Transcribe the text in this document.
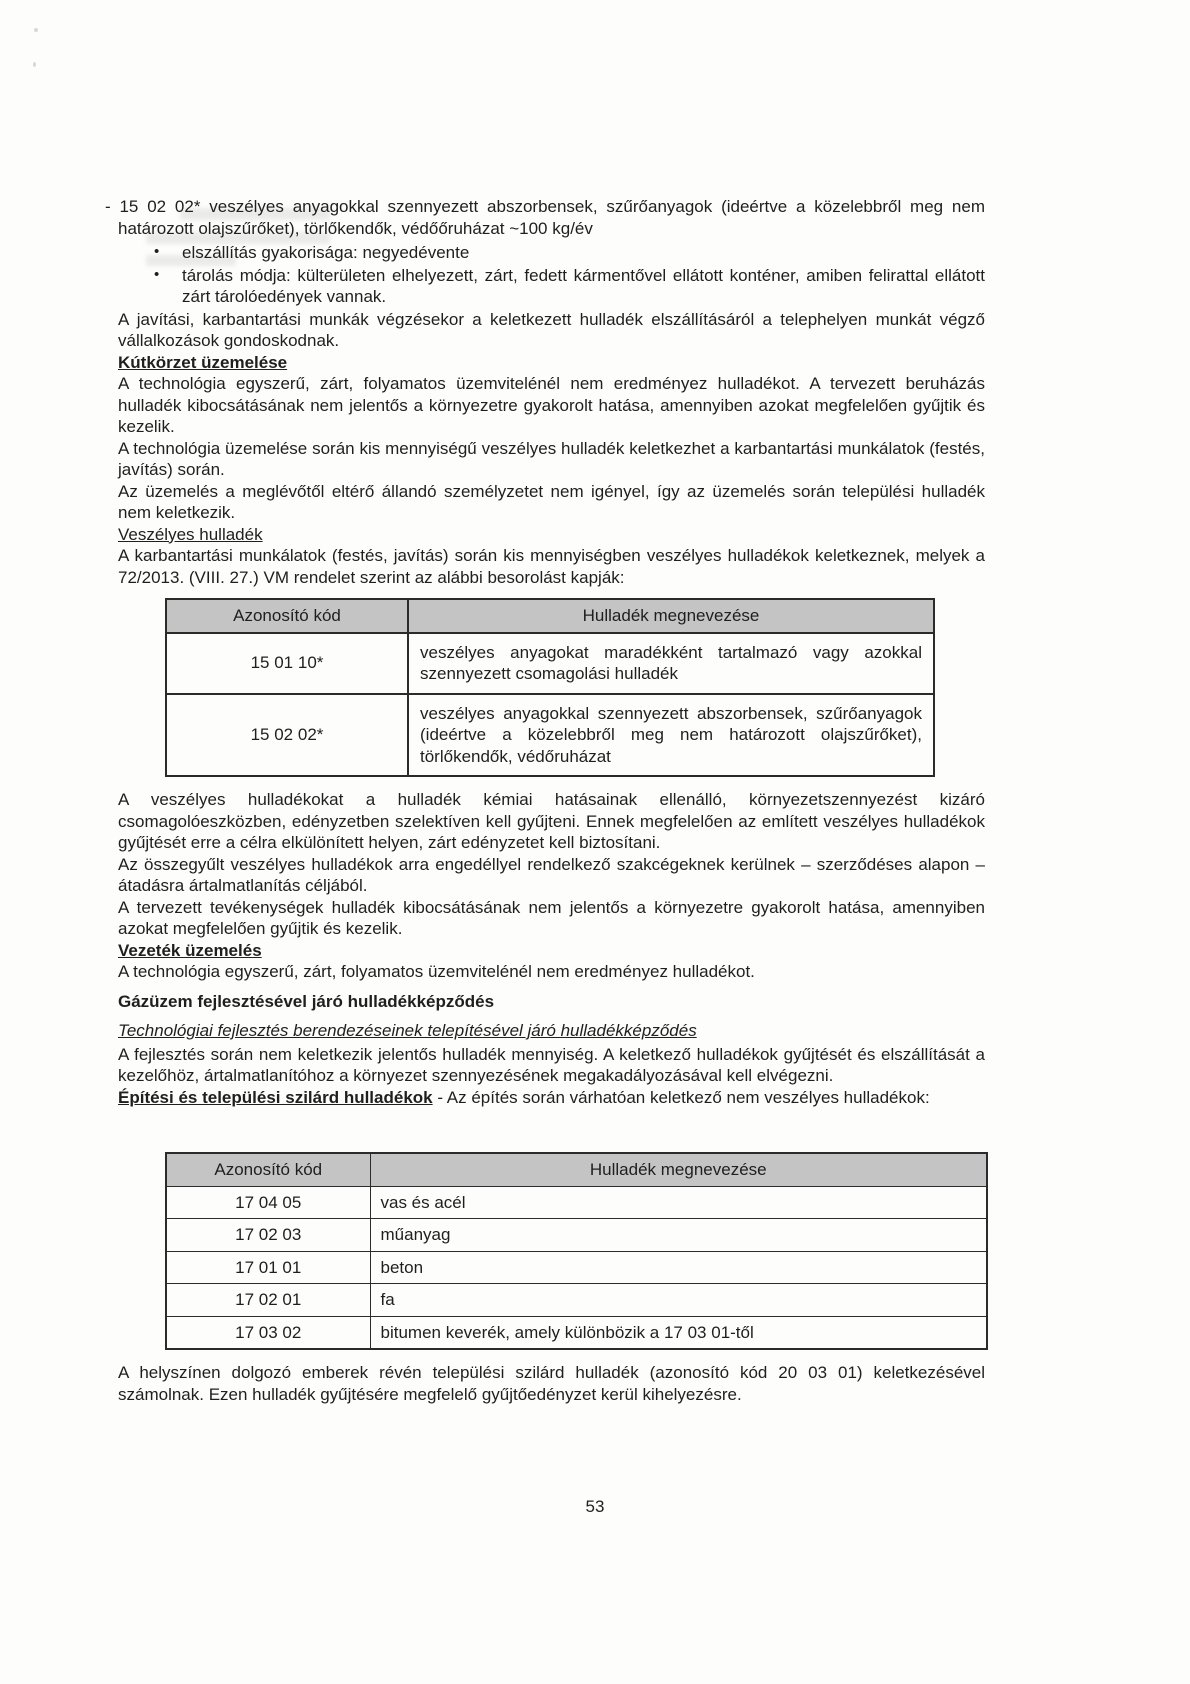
- 15 02 02* veszélyes anyagokkal szennyezett abszorbensek, szűrőanyagok (ideértve a közelebbről meg nem határozott olajszűrőket), törlőkendők, védőőruházat ~100 kg/év

• elszállítás gyakorisága: negyedévente
• tárolás módja: külterületen elhelyezett, zárt, fedett kármentővel ellátott konténer, amiben felirattal ellátott zárt tárolóedények vannak.

A javítási, karbantartási munkák végzésekor a keletkezett hulladék elszállításáról a telephelyen munkát végző vállalkozások gondoskodnak.

Kútkörzet üzemelése

A technológia egyszerű, zárt, folyamatos üzemvitelénél nem eredményez hulladékot. A tervezett beruházás hulladék kibocsátásának nem jelentős a környezetre gyakorolt hatása, amennyiben azokat megfelelően gyűjtik és kezelik.

A technológia üzemelése során kis mennyiségű veszélyes hulladék keletkezhet a karbantartási munkálatok (festés, javítás) során.

Az üzemelés a meglévőtől eltérő állandó személyzetet nem igényel, így az üzemelés során települési hulladék nem keletkezik.

Veszélyes hulladék

A karbantartási munkálatok (festés, javítás) során kis mennyiségben veszélyes hulladékok keletkeznek, melyek a 72/2013. (VIII. 27.) VM rendelet szerint az alábbi besorolást kapják:

Azonosító kód	Hulladék megnevezése
15 01 10*	veszélyes anyagokat maradékként tartalmazó vagy azokkal szennyezett csomagolási hulladék
15 02 02*	veszélyes anyagokkal szennyezett abszorbensek, szűrőanyagok (ideértve a közelebbről meg nem határozott olajszűrőket), törlőkendők, védőruházat

A veszélyes hulladékokat a hulladék kémiai hatásainak ellenálló, környezetszennyezést kizáró csomagolóeszközben, edényzetben szelektíven kell gyűjteni. Ennek megfelelően az említett veszélyes hulladékok gyűjtését erre a célra elkülönített helyen, zárt edényzetet kell biztosítani.

Az összegyűlt veszélyes hulladékok arra engedéllyel rendelkező szakcégeknek kerülnek – szerződéses alapon – átadásra ártalmatlanítás céljából.

A tervezett tevékenységek hulladék kibocsátásának nem jelentős a környezetre gyakorolt hatása, amennyiben azokat megfelelően gyűjtik és kezelik.

Vezeték üzemelés

A technológia egyszerű, zárt, folyamatos üzemvitelénél nem eredményez hulladékot.

Gázüzem fejlesztésével járó hulladékképződés

Technológiai fejlesztés berendezéseinek telepítésével járó hulladékképződés

A fejlesztés során nem keletkezik jelentős hulladék mennyiség. A keletkező hulladékok gyűjtését és elszállítását a kezelőhöz, ártalmatlanítóhoz a környezet szennyezésének megakadályozásával kell elvégezni.

Építési és települési szilárd hulladékok - Az építés során várhatóan keletkező nem veszélyes hulladékok:

Azonosító kód	Hulladék megnevezése
17 04 05	vas és acél
17 02 03	műanyag
17 01 01	beton
17 02 01	fa
17 03 02	bitumen keverék, amely különbözik a 17 03 01-től

A helyszínen dolgozó emberek révén települési szilárd hulladék (azonosító kód 20 03 01) keletkezésével számolnak. Ezen hulladék gyűjtésére megfelelő gyűjtőedényzet kerül kihelyezésre.

53
